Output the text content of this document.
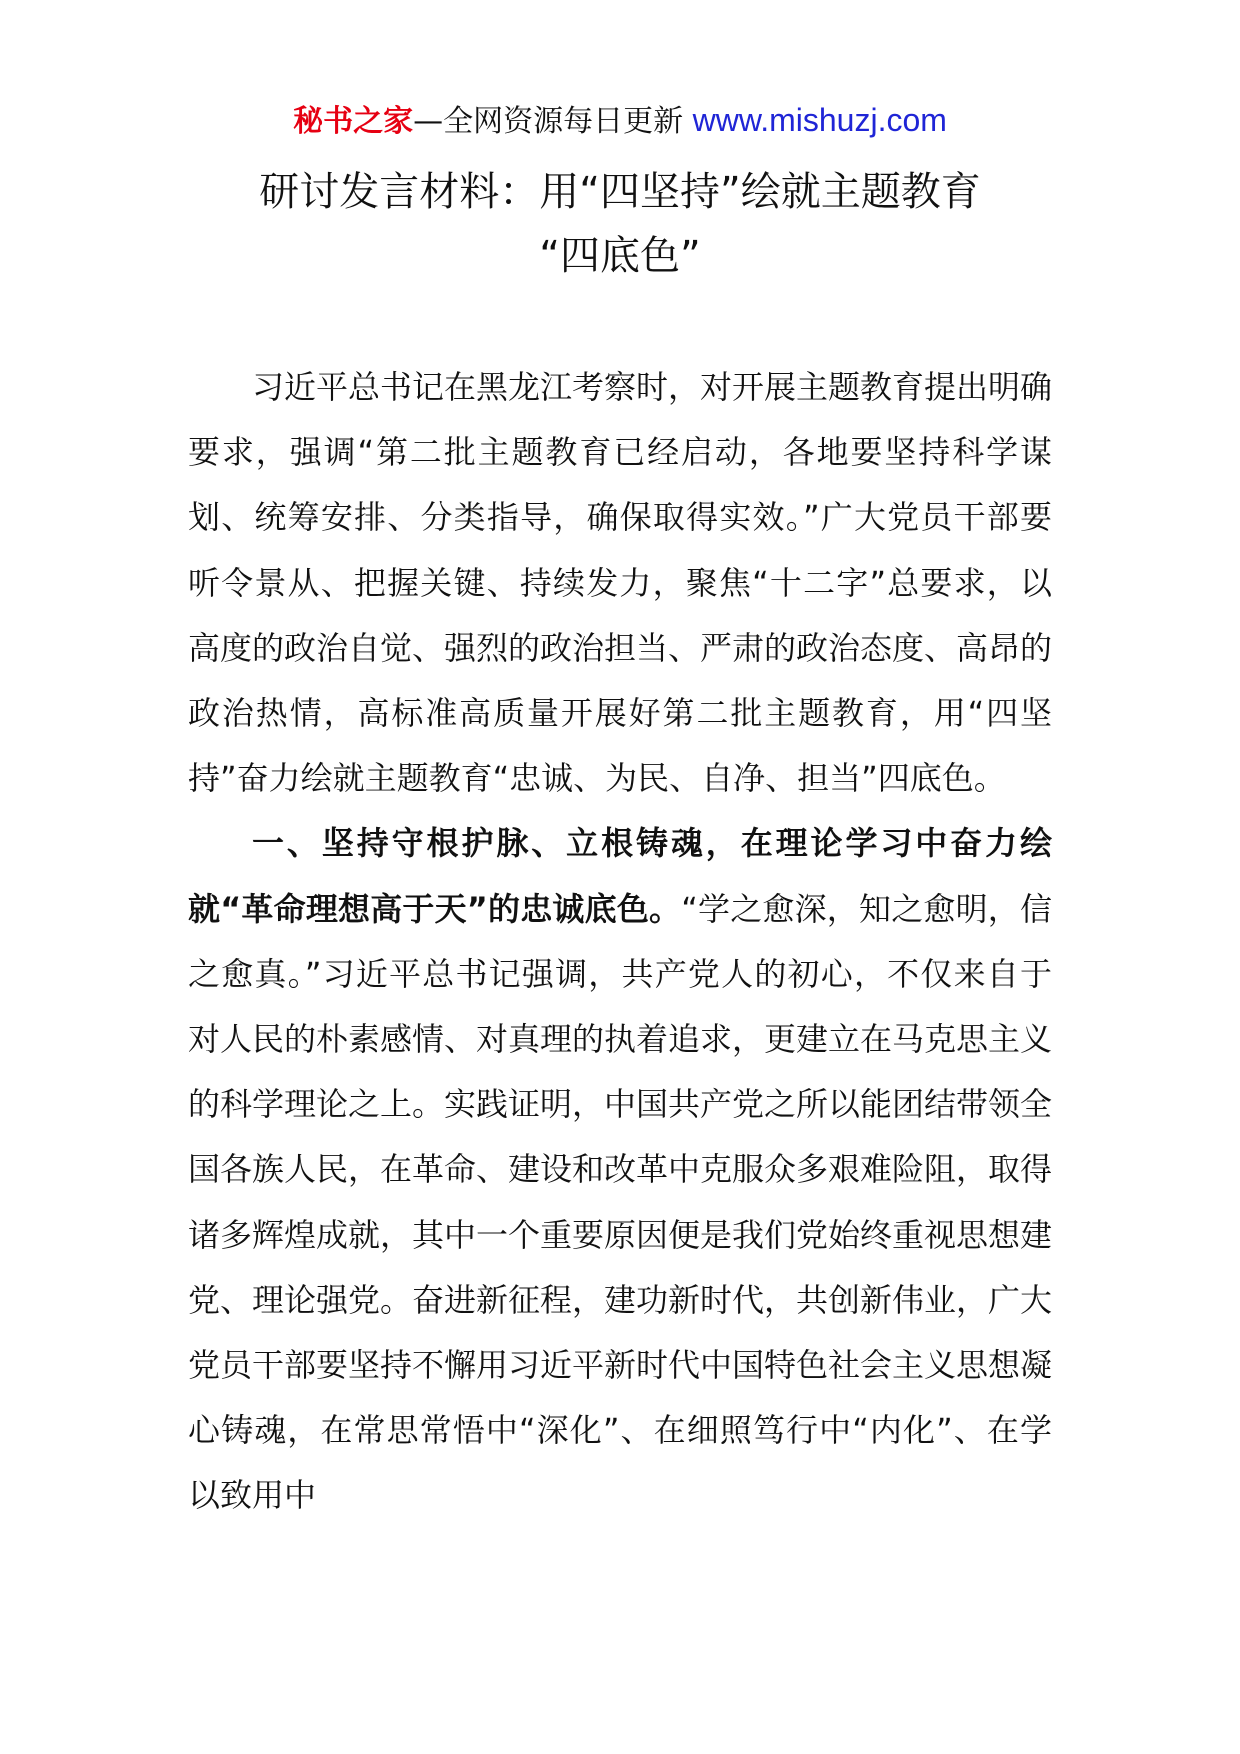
秘书之家—全网资源每日更新 www.mishuzj.com
研讨发言材料：用“四坚持”绘就主题教育
“四底色”

习近平总书记在黑龙江考察时，对开展主题教育提出明确要求，强调“第二批主题教育已经启动，各地要坚持科学谋划、统筹安排、分类指导，确保取得实效。”广大党员干部要听令景从、把握关键、持续发力，聚焦“十二字”总要求，以高度的政治自觉、强烈的政治担当、严肃的政治态度、高昂的政治热情，高标准高质量开展好第二批主题教育，用“四坚持”奋力绘就主题教育“忠诚、为民、自净、担当”四底色。

一、坚持守根护脉、立根铸魂，在理论学习中奋力绘就“革命理想高于天”的忠诚底色。“学之愈深，知之愈明，信之愈真。”习近平总书记强调，共产党人的初心，不仅来自于对人民的朴素感情、对真理的执着追求，更建立在马克思主义的科学理论之上。实践证明，中国共产党之所以能团结带领全国各族人民，在革命、建设和改革中克服众多艰难险阻，取得诸多辉煌成就，其中一个重要原因便是我们党始终重视思想建党、理论强党。奋进新征程，建功新时代，共创新伟业，广大党员干部要坚持不懈用习近平新时代中国特色社会主义思想凝心铸魂，在常思常悟中“深化”、在细照笃行中“内化”、在学以致用中
